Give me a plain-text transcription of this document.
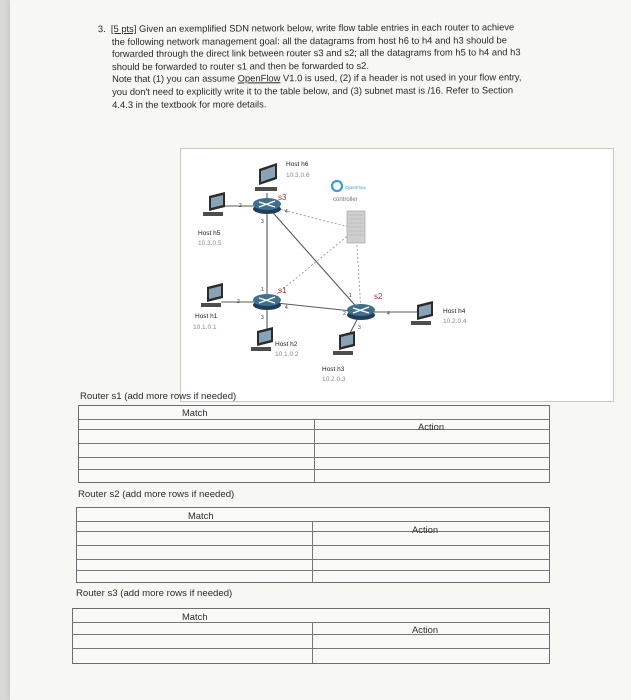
3. [5 pts] Given an exemplified SDN network below, write flow table entries in each router to achieve

the following network management goal: all the datagrams from host h6 to h4 and h3 should be

forwarded through the direct link between router s3 and s2; all the datagrams from h5 to h4 and h3

should be forwarded to router s1 and then be forwarded to s2.

Note that (1) you can assume OpenFlow V1.0 is used, (2) if a header is not used in your flow entry,

you don't need to explicitly write it to the table below, and (3) subnet mast is /16. Refer to Section

4.4.3 in the textbook for more details.

OpenFlow
controller
s3
s1
s2
2
3
4
1
2
3
4
1
2
3
4
Host h6
Host h5
Host h1
Host h2
Host h3
Host h4
10.3.0.6
10.3.0.5
10.1.0.1
10.1.0.2
10.2.0.3
10.2.0.4
Router s1 (add more rows if needed)
Match
Action
Router s2 (add more rows if needed)
Match
Action
Router s3 (add more rows if needed)
Match
Action
